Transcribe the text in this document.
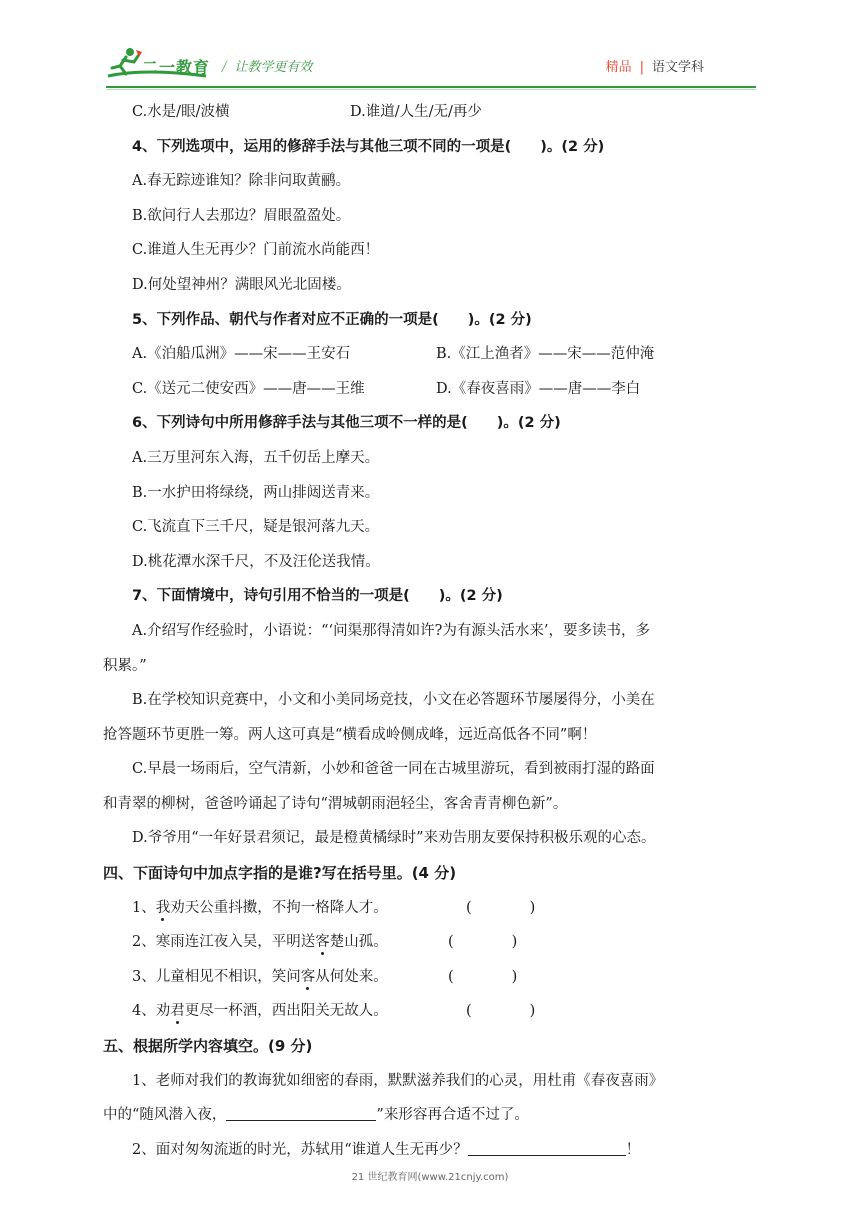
二一教育 / 让教学更有效	精品 | 语文学科
C.水是/眼/波横	D.谁道/人生/无/再少
4、下列选项中，运用的修辞手法与其他三项不同的一项是(　　)。(2 分)
A.春无踪迹谁知？除非问取黄鹂。
B.欲问行人去那边？眉眼盈盈处。
C.谁道人生无再少？门前流水尚能西！
D.何处望神州？满眼风光北固楼。
5、下列作品、朝代与作者对应不正确的一项是(　　)。(2 分)
A.《泊船瓜洲》——宋——王安石	B.《江上渔者》——宋——范仲淹
C.《送元二使安西》——唐——王维	D.《春夜喜雨》——唐——李白
6、下列诗句中所用修辞手法与其他三项不一样的是(　　)。(2 分)
A.三万里河东入海，五千仞岳上摩天。
B.一水护田将绿绕，两山排闼送青来。
C.飞流直下三千尺，疑是银河落九天。
D.桃花潭水深千尺，不及汪伦送我情。
7、下面情境中，诗句引用不恰当的一项是(　　)。(2 分)
A.介绍写作经验时，小语说：“‘问渠那得清如许?为有源头活水来’，要多读书，多
积累。”
B.在学校知识竞赛中，小文和小美同场竞技，小文在必答题环节屡屡得分，小美在
抢答题环节更胜一筹。两人这可真是“横看成岭侧成峰，远近高低各不同”啊！
C.早晨一场雨后，空气清新，小妙和爸爸一同在古城里游玩，看到被雨打湿的路面
和青翠的柳树，爸爸吟诵起了诗句“渭城朝雨浥轻尘，客舍青青柳色新”。
D.爷爷用“一年好景君须记，最是橙黄橘绿时”来劝告朋友要保持积极乐观的心态。
四、下面诗句中加点字指的是谁?写在括号里。(4 分)
1、我劝天公重抖擞，不拘一格降人才。	(　　　　)
2、寒雨连江夜入吴，平明送客楚山孤。	(　　　　)
3、儿童相见不相识，笑问客从何处来。	(　　　　)
4、劝君更尽一杯酒，西出阳关无故人。	(　　　　)
五、根据所学内容填空。(9 分)
1、老师对我们的教诲犹如细密的春雨，默默滋养我们的心灵，用杜甫《春夜喜雨》
中的“随风潜入夜，	”来形容再合适不过了。
2、面对匆匆流逝的时光，苏轼用“谁道人生无再少？	！
21 世纪教育网(www.21cnjy.com)
